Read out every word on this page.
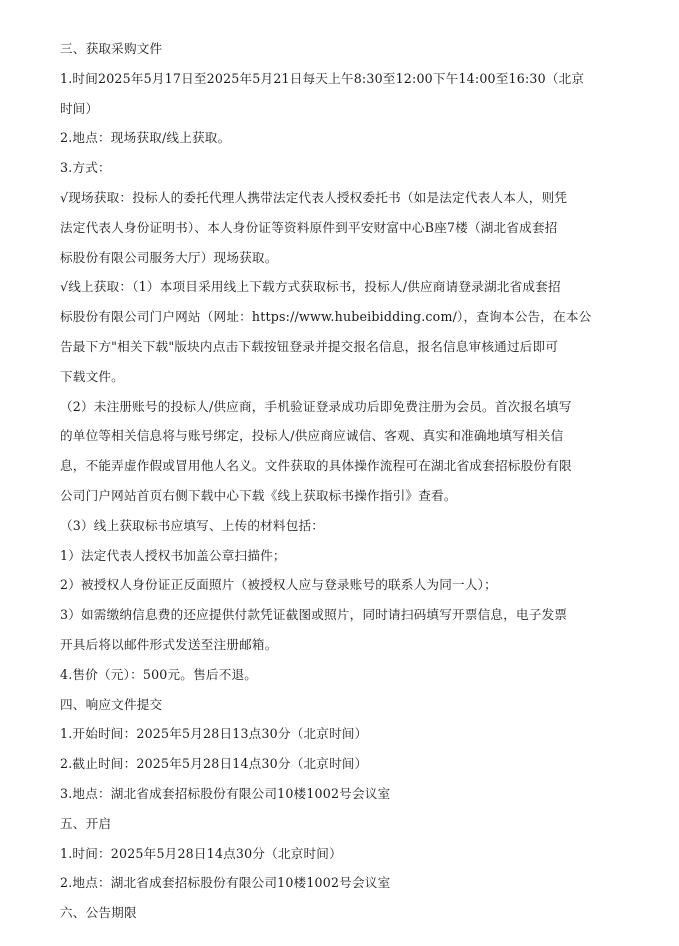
三、获取采购文件
1.时间2025年5月17日至2025年5月21日每天上午8:30至12:00下午14:00至16:30（北京
时间）
2.地点：现场获取/线上获取。
3.方式：
√现场获取：投标人的委托代理人携带法定代表人授权委托书（如是法定代表人本人，则凭
法定代表人身份证明书）、本人身份证等资料原件到平安财富中心B座7楼（湖北省成套招
标股份有限公司服务大厅）现场获取。
√线上获取：（1）本项目采用线上下载方式获取标书，投标人/供应商请登录湖北省成套招
标股份有限公司门户网站（网址：https://www.hubeibidding.com/），查询本公告，在本公
告最下方"相关下载"版块内点击下载按钮登录并提交报名信息，报名信息审核通过后即可
下载文件。
（2）未注册账号的投标人/供应商，手机验证登录成功后即免费注册为会员。首次报名填写
的单位等相关信息将与账号绑定，投标人/供应商应诚信、客观、真实和准确地填写相关信
息，不能弄虚作假或冒用他人名义。文件获取的具体操作流程可在湖北省成套招标股份有限
公司门户网站首页右侧下载中心下载《线上获取标书操作指引》查看。
（3）线上获取标书应填写、上传的材料包括：
1）法定代表人授权书加盖公章扫描件；
2）被授权人身份证正反面照片（被授权人应与登录账号的联系人为同一人）；
3）如需缴纳信息费的还应提供付款凭证截图或照片，同时请扫码填写开票信息，电子发票
开具后将以邮件形式发送至注册邮箱。
4.售价（元）：500元。售后不退。
四、响应文件提交
1.开始时间：2025年5月28日13点30分（北京时间）
2.截止时间：2025年5月28日14点30分（北京时间）
3.地点：湖北省成套招标股份有限公司10楼1002号会议室
五、开启
1.时间：2025年5月28日14点30分（北京时间）
2.地点：湖北省成套招标股份有限公司10楼1002号会议室
六、公告期限
